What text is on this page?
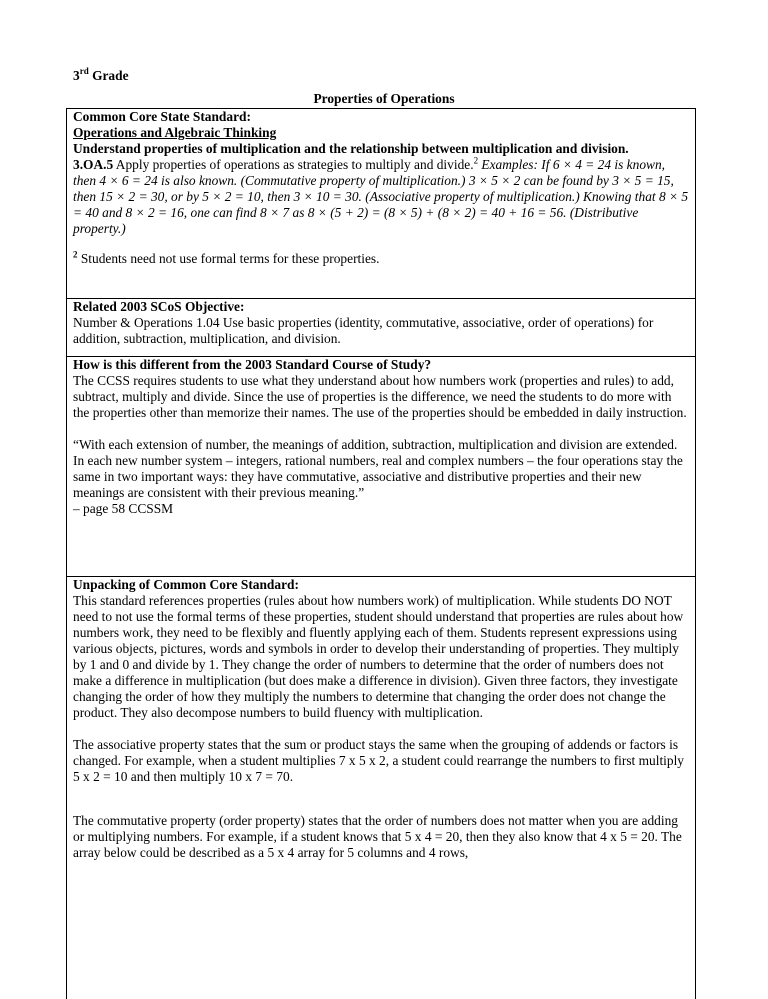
3rd Grade
Properties of Operations

Common Core State Standard:

Operations and Algebraic Thinking

Understand properties of multiplication and the relationship between multiplication and division.

3.OA.5 Apply properties of operations as strategies to multiply and divide.$^2$ Examples: If 6 × 4 = 24 is known, then 4 × 6 = 24 is also known. (Commutative property of multiplication.) 3 × 5 × 2 can be found by 3 × 5 = 15, then 15 × 2 = 30, or by 5 × 2 = 10, then 3 × 10 = 30. (Associative property of multiplication.) Knowing that 8 × 5 = 40 and 8 × 2 = 16, one can find 8 × 7 as 8 × (5 + 2) = (8 × 5) + (8 × 2) = 40 + 16 = 56. (Distributive property.)

$^2$ Students need not use formal terms for these properties.

Related 2003 SCoS Objective:

Number & Operations 1.04 Use basic properties (identity, commutative, associative, order of operations) for addition, subtraction, multiplication, and division.

How is this different from the 2003 Standard Course of Study?

The CCSS requires students to use what they understand about how numbers work (properties and rules) to add, subtract, multiply and divide. Since the use of properties is the difference, we need the students to do more with the properties other than memorize their names. The use of the properties should be embedded in daily instruction.

“With each extension of number, the meanings of addition, subtraction, multiplication and division are extended. In each new number system – integers, rational numbers, real and complex numbers – the four operations stay the same in two important ways: they have commutative, associative and distributive properties and their new meanings are consistent with their previous meaning.”

– page 58 CCSSM

Unpacking of Common Core Standard:

This standard references properties (rules about how numbers work) of multiplication. While students DO NOT need to not use the formal terms of these properties, student should understand that properties are rules about how numbers work, they need to be flexibly and fluently applying each of them. Students represent expressions using various objects, pictures, words and symbols in order to develop their understanding of properties. They multiply by 1 and 0 and divide by 1. They change the order of numbers to determine that the order of numbers does not make a difference in multiplication (but does make a difference in division). Given three factors, they investigate changing the order of how they multiply the numbers to determine that changing the order does not change the product. They also decompose numbers to build fluency with multiplication.

The associative property states that the sum or product stays the same when the grouping of addends or factors is changed. For example, when a student multiplies 7 x 5 x 2, a student could rearrange the numbers to first multiply 5 x 2 = 10 and then multiply 10 x 7 = 70.

The commutative property (order property) states that the order of numbers does not matter when you are adding or multiplying numbers. For example, if a student knows that 5 x 4 = 20, then they also know that 4 x 5 = 20. The array below could be described as a 5 x 4 array for 5 columns and 4 rows,
